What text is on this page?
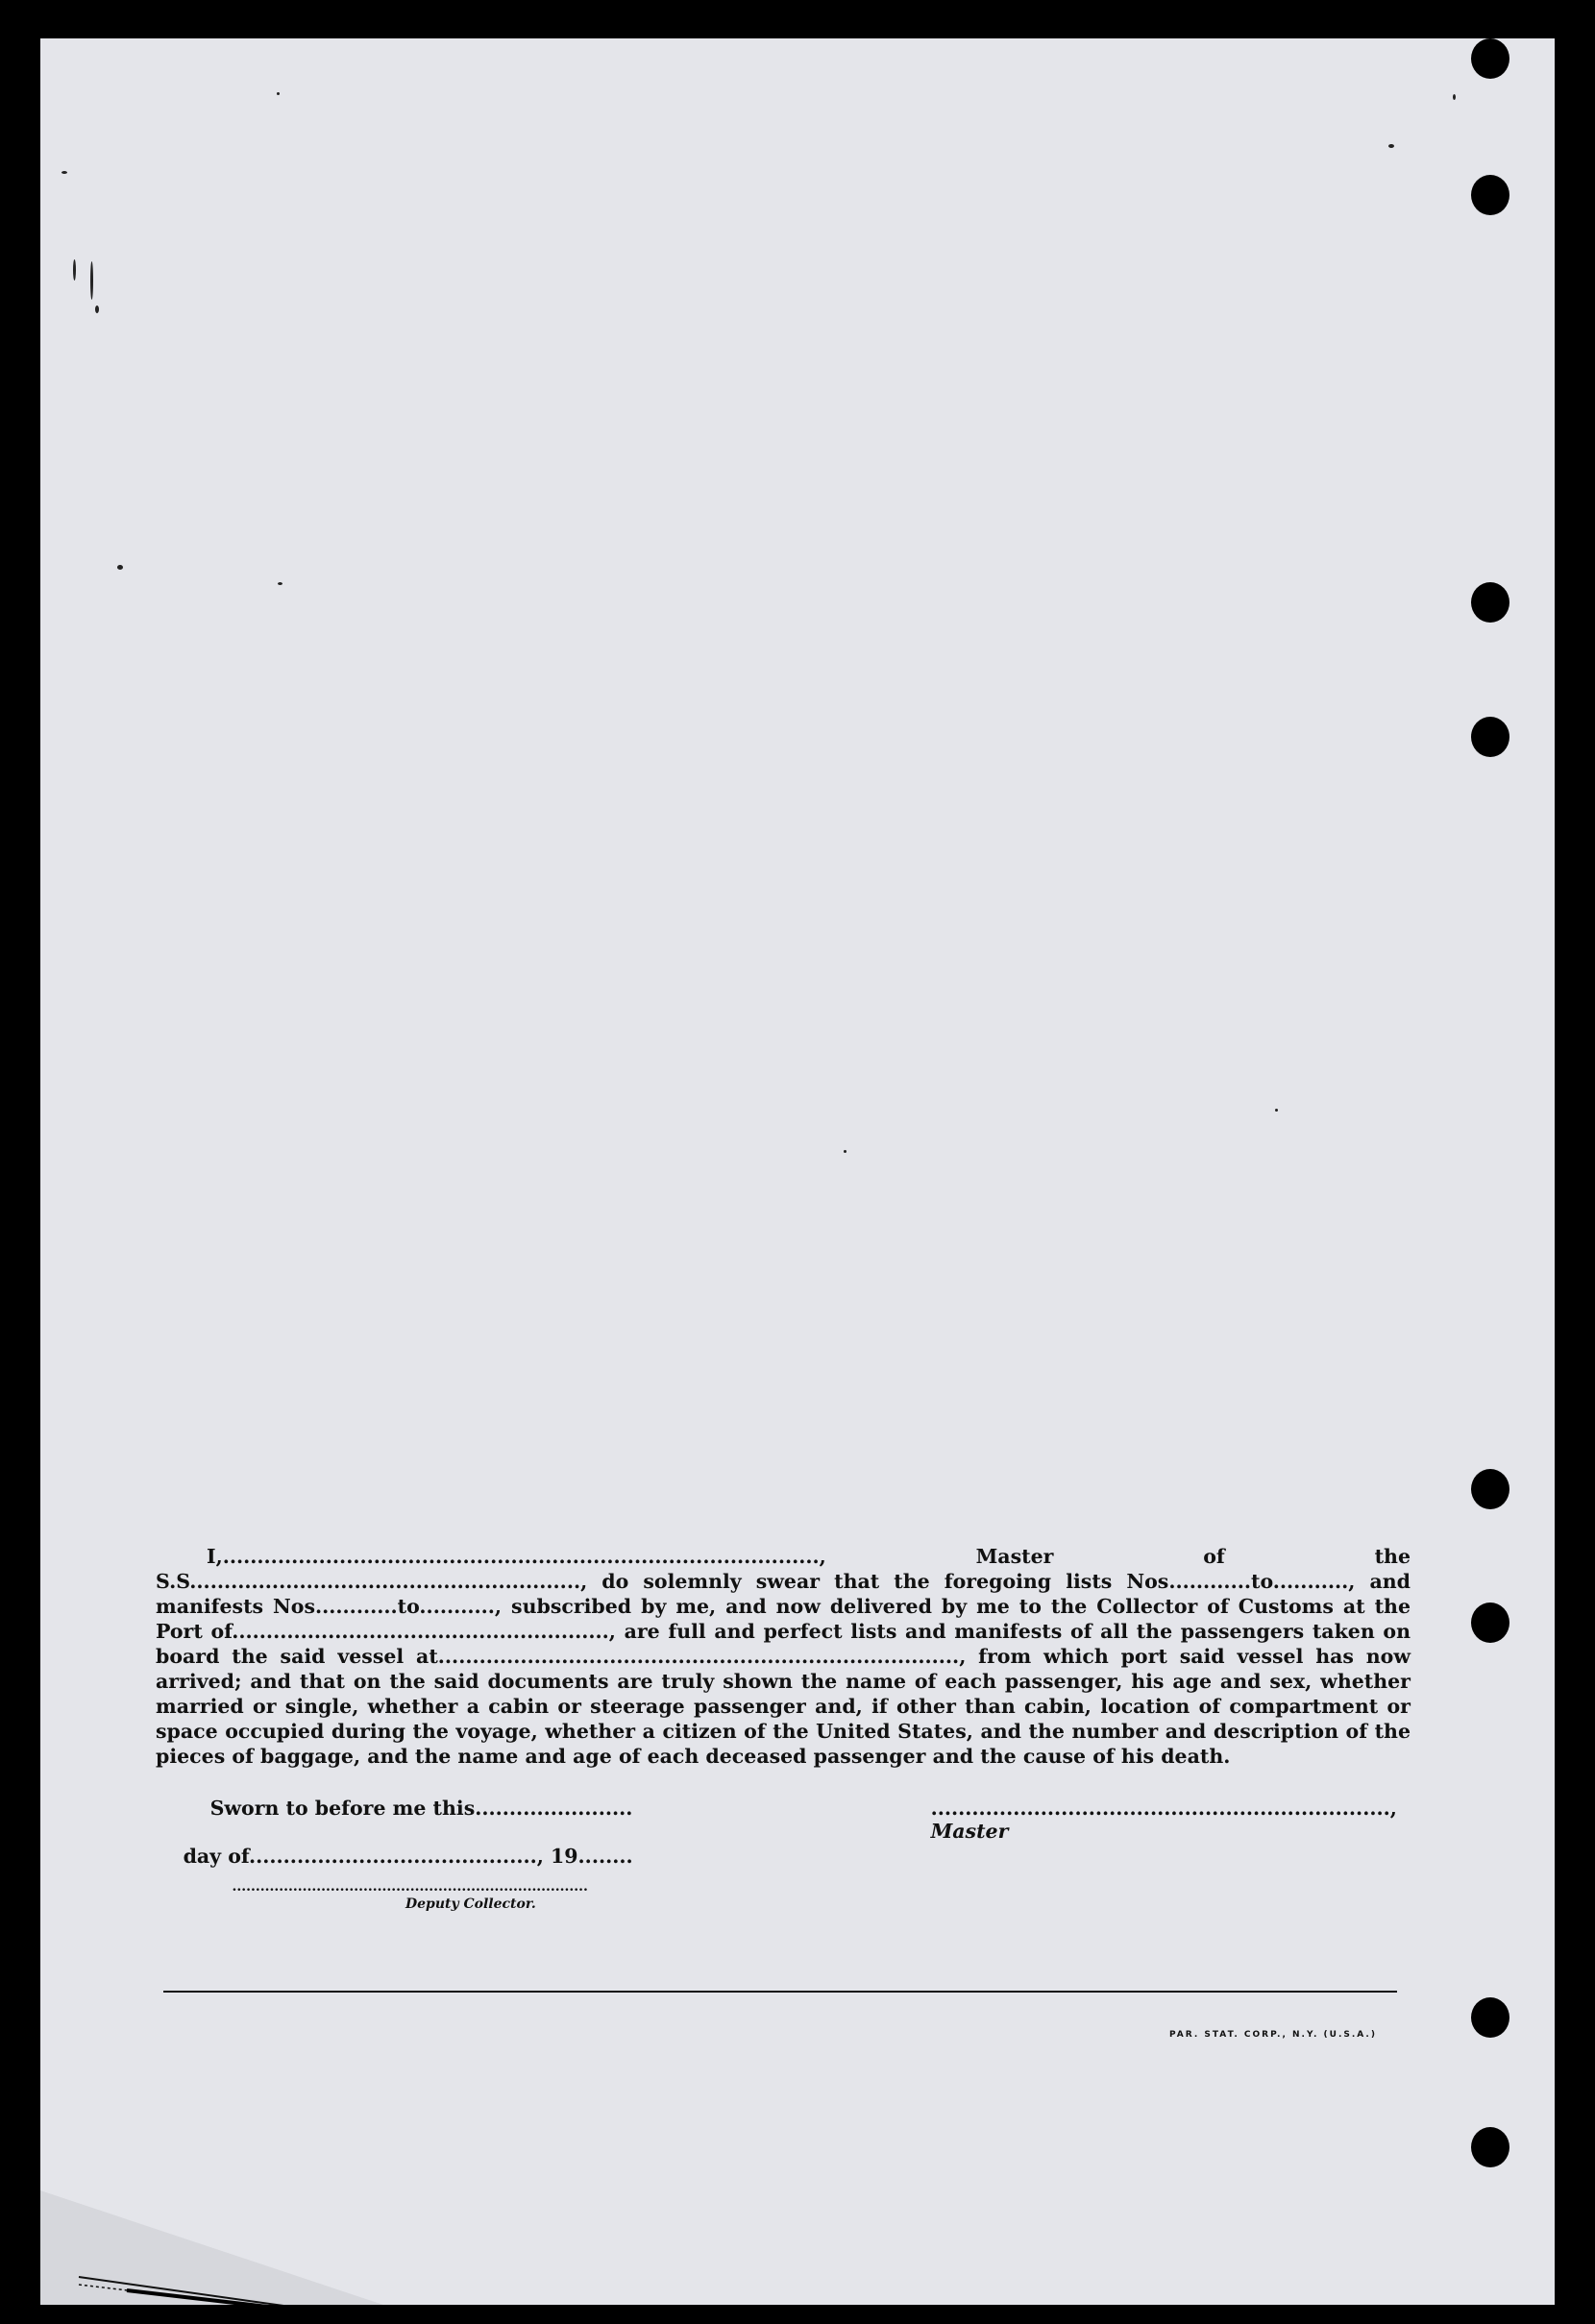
I,......................................................................................., Master of the S.S........................................................., do solemnly swear that the foregoing lists Nos............to..........., and manifests Nos............to..........., subscribed by me, and now delivered by me to the Collector of Customs at the Port of......................................................., are full and perfect lists and manifests of all the passengers taken on board the said vessel at............................................................................, from which port said vessel has now arrived; and that on the said documents are truly shown the name of each passenger, his age and sex, whether married or single, whether a cabin or steerage passenger and, if other than cabin, location of compartment or space occupied during the voyage, whether a citizen of the United States, and the number and description of the pieces of baggage, and the name and age of each deceased passenger and the cause of his death.

Sworn to before me this.......................
	...................................................................,
Master

day of.........................................., 19........

............................................................................

Deputy Collector.
PAR. STAT. CORP., N.Y. (U.S.A.)
